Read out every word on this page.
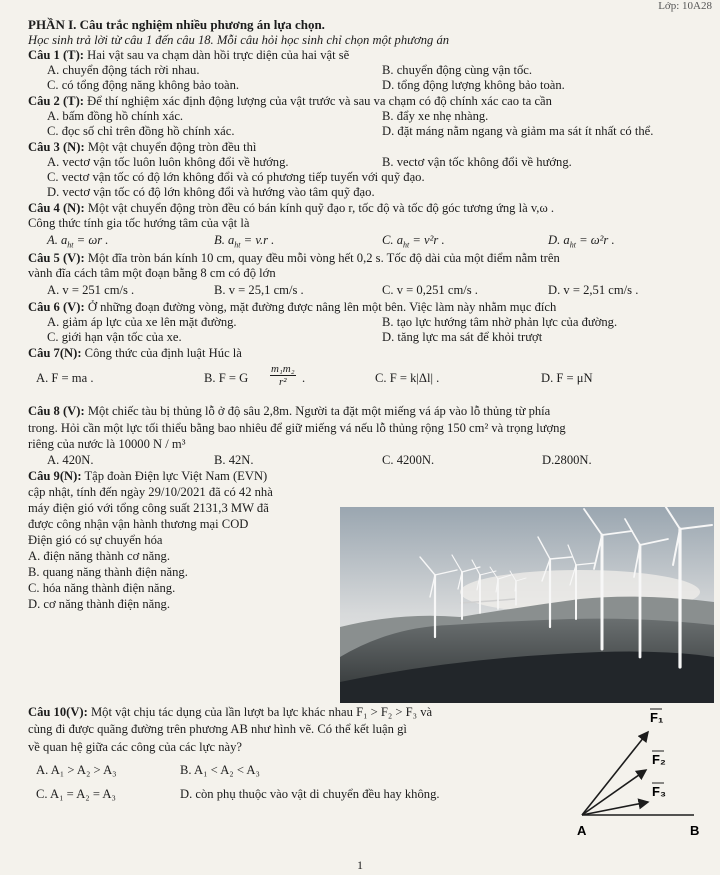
Lớp: 10A28
PHẦN I. Câu trắc nghiệm nhiều phương án lựa chọn.
Học sinh trả lời từ câu 1 đến câu 18. Mỗi câu hỏi học sinh chỉ chọn một phương án
Câu 1 (T): Hai vật sau va chạm dàn hồi trực diện của hai vật sẽ
A. chuyển động tách rời nhau.	B. chuyển động cùng vận tốc.
C. có tổng động năng không bảo toàn.	D. tổng động lượng không bảo toàn.
Câu 2 (T): Để thí nghiệm xác định động lượng của vật trước và sau va chạm có độ chính xác cao ta cần
A. bấm đồng hồ chính xác.	B. đẩy xe nhẹ nhàng.
C. đọc số chỉ trên đồng hồ chính xác.	D. đặt máng nằm ngang và giảm ma sát ít nhất có thể.
Câu 3 (N): Một vật chuyển động tròn đều thì
A. vectơ vận tốc luôn luôn không đổi về hướng.	B. vectơ vận tốc không đổi về hướng.
C. vectơ vận tốc có độ lớn không đổi và có phương tiếp tuyến với quỹ đạo.
D. vectơ vận tốc có độ lớn không đổi và hướng vào tâm quỹ đạo.
Câu 4 (N): Một vật chuyển động tròn đều có bán kính quỹ đạo r, tốc độ và tốc độ góc tương ứng là v,ω .
Công thức tính gia tốc hướng tâm của vật là
A. $a_{ht} = \omega r$ .	B. $a_{ht} = v.r$ .	C. $a_{ht} = v^2r$ .	D. $a_{ht} = \omega^2r$ .
Câu 5 (V): Một đĩa tròn bán kính 10 cm, quay đều mỗi vòng hết 0,2 s. Tốc độ dài của một điểm nằm trên
vành đĩa cách tâm một đoạn bằng 8 cm có độ lớn
A. v = 251 cm/s .	B. v = 25,1 cm/s .	C. v = 0,251 cm/s .	D. v = 2,51 cm/s .
Câu 6 (V): Ở những đoạn đường vòng, mặt đường được nâng lên một bên. Việc làm này nhằm mục đích
A. giảm áp lực của xe lên mặt đường.	B. tạo lực hướng tâm nhờ phản lực của đường.
C. giới hạn vận tốc của xe.	D. tăng lực ma sát để khỏi trượt
Câu 7(N): Công thức của định luật Húc là
A. F = ma .	B. F = G $\frac{\text{m₁m₂}}{\text{r²}}$ .	C. F = k|Δl| .	D. F = μN
Câu 8 (V): Một chiếc tàu bị thủng lỗ ở độ sâu 2,8m. Người ta đặt một miếng vá áp vào lỗ thủng từ phía
trong. Hỏi cần một lực tối thiểu bằng bao nhiêu để giữ miếng vá nếu lỗ thủng rộng 150 cm² và trọng lượng
riêng của nước là 10000 N / m³
A. 420N.	B. 42N.	C. 4200N.	D.2800N.
Câu 9(N): Tập đoàn Điện lực Việt Nam (EVN)
cập nhật, tính đến ngày 29/10/2021 đã có 42 nhà
máy điện gió với tổng công suất 2131,3 MW đã
được công nhận vận hành thương mại COD
Điện gió có sự chuyển hóa
A. điện năng thành cơ năng.
B. quang năng thành điện năng.
C. hóa năng thành điện năng.
D. cơ năng thành điện năng.
Câu 10(V): Một vật chịu tác dụng của lần lượt ba lực khác nhau F₁ > F₂ > F₃ và
cùng đi được quãng đường trên phương AB như hình vẽ. Có thể kết luận gì
về quan hệ giữa các công của các lực này?
A. A₁ > A₂ > A₃	B. A₁ < A₂ < A₃
C. A₁ = A₂ = A₃	D. còn phụ thuộc vào vật di chuyển đều hay không.
F₁
F₂
F₃
A	B
1
